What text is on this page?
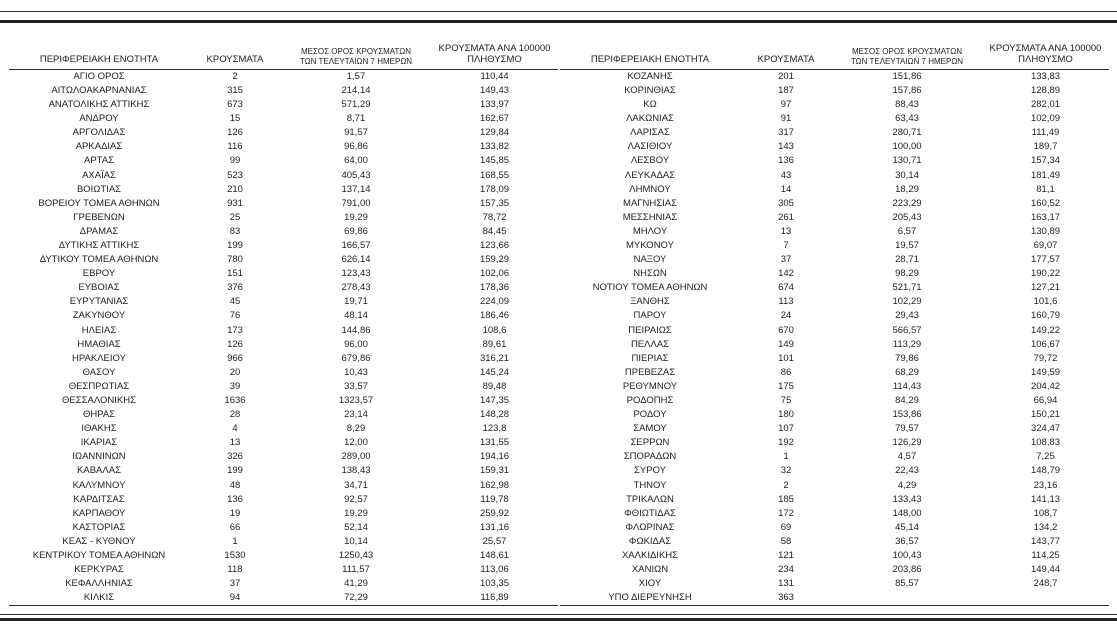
ΠΕΡΙΦΕΡΕΙΑΚΗ ΕΝΟΤΗΤΑ	ΚΡΟΥΣΜΑΤΑ	
ΜΕΣΟΣ ΟΡΟΣ ΚΡΟΥΣΜΑΤΩΝ
ΤΩΝ ΤΕΛΕΥΤΑΙΩΝ 7 ΗΜΕΡΩΝ

ΚΡΟΥΣΜΑΤΑ ΑΝΑ 100000
ΠΛΗΘΥΣΜΟ

ΑΓΙΟ ΟΡΟΣ	2	1,57	110,44
ΑΙΤΩΛΟΑΚΑΡΝΑΝΙΑΣ	315	214,14	149,43
ΑΝΑΤΟΛΙΚΗΣ ΑΤΤΙΚΗΣ	673	571,29	133,97
ΑΝΔΡΟΥ	15	8,71	162,67
ΑΡΓΟΛΙΔΑΣ	126	91,57	129,84
ΑΡΚΑΔΙΑΣ	116	96,86	133,82
ΑΡΤΑΣ	99	64,00	145,85
ΑΧΑΪΑΣ	523	405,43	168,55
ΒΟΙΩΤΙΑΣ	210	137,14	178,09
ΒΟΡΕΙΟΥ ΤΟΜΕΑ ΑΘΗΝΩΝ	931	791,00	157,35
ΓΡΕΒΕΝΩΝ	25	19,29	78,72
ΔΡΑΜΑΣ	83	69,86	84,45
ΔΥΤΙΚΗΣ ΑΤΤΙΚΗΣ	199	166,57	123,66
ΔΥΤΙΚΟΥ ΤΟΜΕΑ ΑΘΗΝΩΝ	780	626,14	159,29
ΕΒΡΟΥ	151	123,43	102,06
ΕΥΒΟΙΑΣ	376	278,43	178,36
ΕΥΡΥΤΑΝΙΑΣ	45	19,71	224,09
ΖΑΚΥΝΘΟΥ	76	48,14	186,46
ΗΛΕΙΑΣ	173	144,86	108,6
ΗΜΑΘΙΑΣ	126	96,00	89,61
ΗΡΑΚΛΕΙΟΥ	966	679,86	316,21
ΘΑΣΟΥ	20	10,43	145,24
ΘΕΣΠΡΩΤΙΑΣ	39	33,57	89,48
ΘΕΣΣΑΛΟΝΙΚΗΣ	1636	1323,57	147,35
ΘΗΡΑΣ	28	23,14	148,28
ΙΘΑΚΗΣ	4	8,29	123,8
ΙΚΑΡΙΑΣ	13	12,00	131,55
ΙΩΑΝΝΙΝΩΝ	326	289,00	194,16
ΚΑΒΑΛΑΣ	199	138,43	159,31
ΚΑΛΥΜΝΟΥ	48	34,71	162,98
ΚΑΡΔΙΤΣΑΣ	136	92,57	119,78
ΚΑΡΠΑΘΟΥ	19	19,29	259,92
ΚΑΣΤΟΡΙΑΣ	66	52,14	131,16
ΚΕΑΣ - ΚΥΘΝΟΥ	1	10,14	25,57
ΚΕΝΤΡΙΚΟΥ ΤΟΜΕΑ ΑΘΗΝΩΝ	1530	1250,43	148,61
ΚΕΡΚΥΡΑΣ	118	111,57	113,06
ΚΕΦΑΛΛΗΝΙΑΣ	37	41,29	103,35
ΚΙΛΚΙΣ	94	72,29	116,89
ΠΕΡΙΦΕΡΕΙΑΚΗ ΕΝΟΤΗΤΑ	ΚΡΟΥΣΜΑΤΑ	
ΜΕΣΟΣ ΟΡΟΣ ΚΡΟΥΣΜΑΤΩΝ
ΤΩΝ ΤΕΛΕΥΤΑΙΩΝ 7 ΗΜΕΡΩΝ

ΚΡΟΥΣΜΑΤΑ ΑΝΑ 100000
ΠΛΗΘΥΣΜΟ

ΚΟΖΑΝΗΣ	201	151,86	133,83
ΚΟΡΙΝΘΙΑΣ	187	157,86	128,89
ΚΩ	97	88,43	282,01
ΛΑΚΩΝΙΑΣ	91	63,43	102,09
ΛΑΡΙΣΑΣ	317	280,71	111,49
ΛΑΣΙΘΙΟΥ	143	100,00	189,7
ΛΕΣΒΟΥ	136	130,71	157,34
ΛΕΥΚΑΔΑΣ	43	30,14	181,49
ΛΗΜΝΟΥ	14	18,29	81,1
ΜΑΓΝΗΣΙΑΣ	305	223,29	160,52
ΜΕΣΣΗΝΙΑΣ	261	205,43	163,17
ΜΗΛΟΥ	13	6,57	130,89
ΜΥΚΟΝΟΥ	7	19,57	69,07
ΝΑΞΟΥ	37	28,71	177,57
ΝΗΣΩΝ	142	98,29	190,22
ΝΟΤΙΟΥ ΤΟΜΕΑ ΑΘΗΝΩΝ	674	521,71	127,21
ΞΑΝΘΗΣ	113	102,29	101,6
ΠΑΡΟΥ	24	29,43	160,79
ΠΕΙΡΑΙΩΣ	670	566,57	149,22
ΠΕΛΛΑΣ	149	113,29	106,67
ΠΙΕΡΙΑΣ	101	79,86	79,72
ΠΡΕΒΕΖΑΣ	86	68,29	149,59
ΡΕΘΥΜΝΟΥ	175	114,43	204,42
ΡΟΔΟΠΗΣ	75	84,29	66,94
ΡΟΔΟΥ	180	153,86	150,21
ΣΑΜΟΥ	107	79,57	324,47
ΣΕΡΡΩΝ	192	126,29	108,83
ΣΠΟΡΑΔΩΝ	1	4,57	7,25
ΣΥΡΟΥ	32	22,43	148,79
ΤΗΝΟΥ	2	4,29	23,16
ΤΡΙΚΑΛΩΝ	185	133,43	141,13
ΦΘΙΩΤΙΔΑΣ	172	148,00	108,7
ΦΛΩΡΙΝΑΣ	69	45,14	134,2
ΦΩΚΙΔΑΣ	58	36,57	143,77
ΧΑΛΚΙΔΙΚΗΣ	121	100,43	114,25
ΧΑΝΙΩΝ	234	203,86	149,44
ΧΙΟΥ	131	85,57	248,7
ΥΠΟ ΔΙΕΡΕΥΝΗΣΗ	363		
